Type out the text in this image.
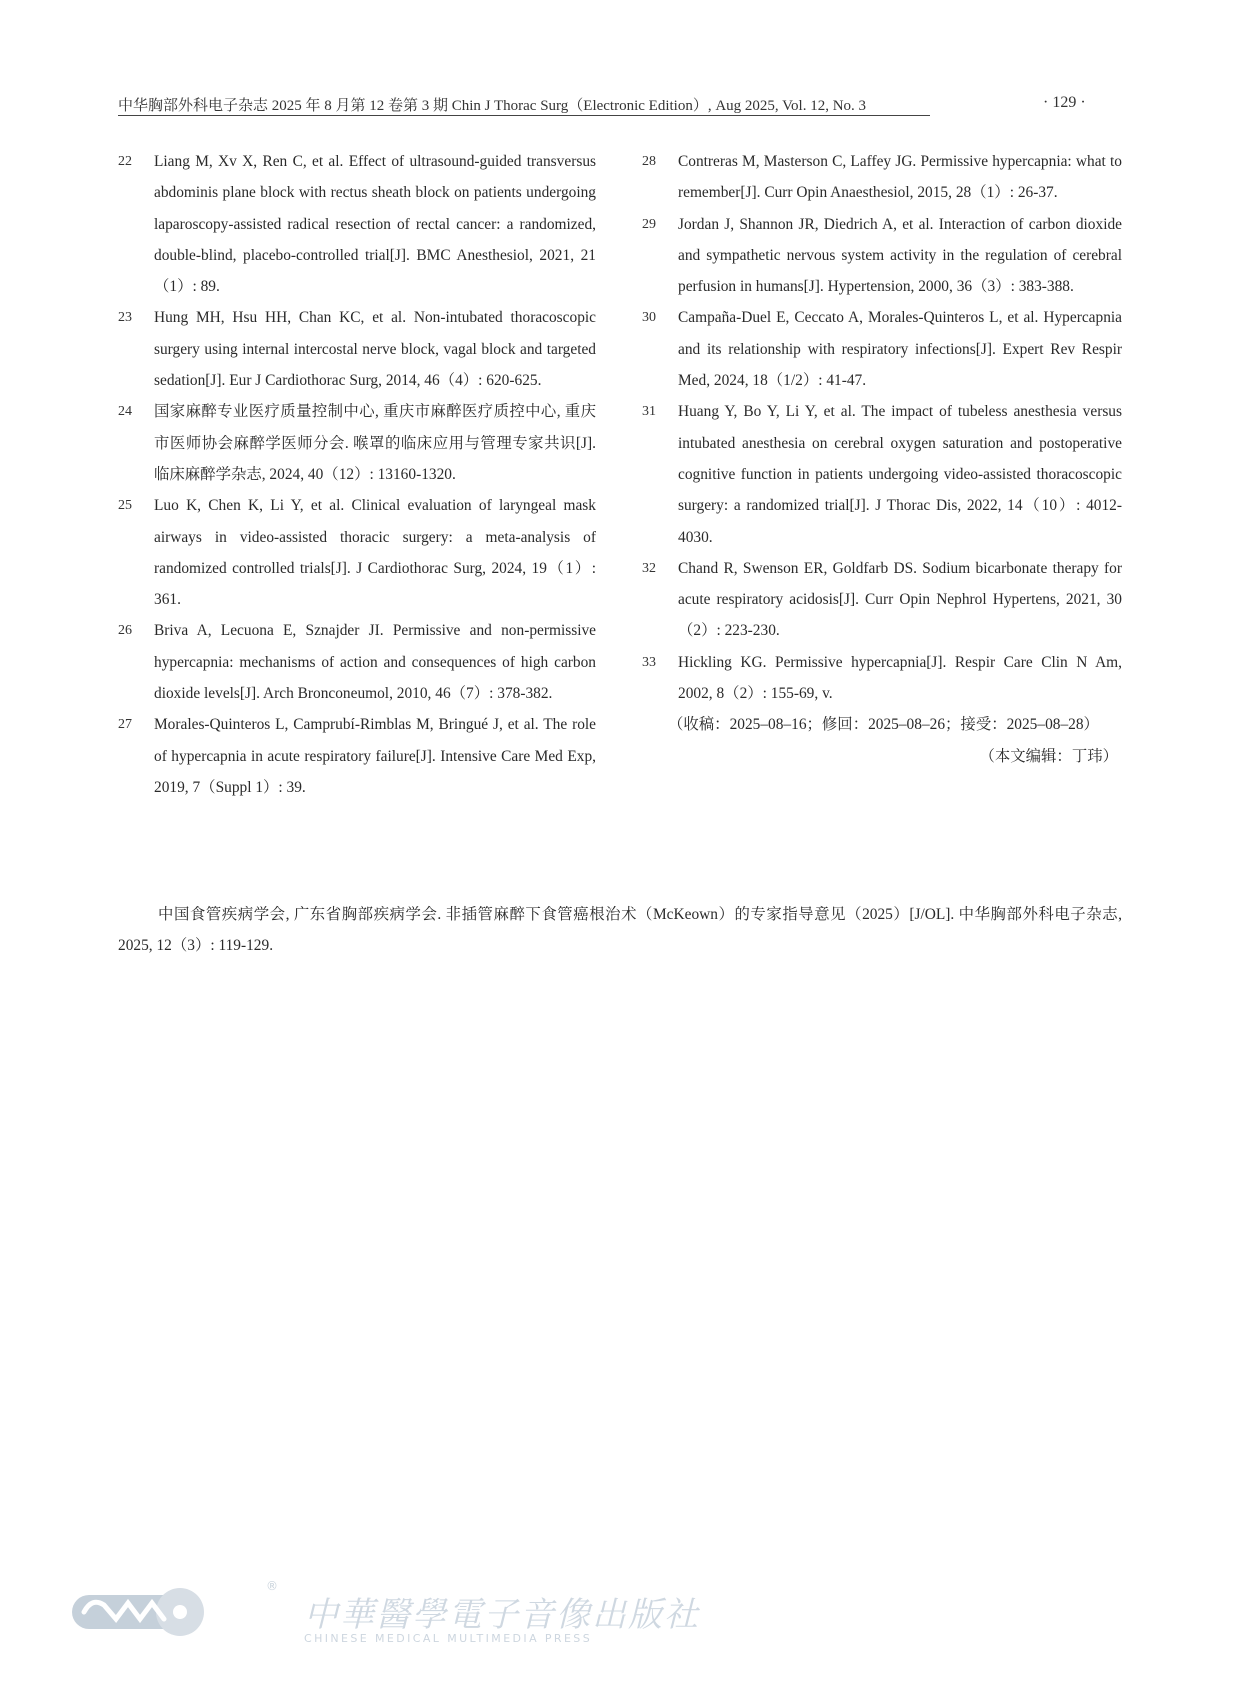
中华胸部外科电子杂志 2025 年 8 月第 12 卷第 3 期 Chin J Thorac Surg（Electronic Edition）, Aug 2025, Vol. 12, No. 3	· 129 ·
22 Liang M, Xv X, Ren C, et al. Effect of ultrasound-guided transversus abdominis plane block with rectus sheath block on patients undergoing laparoscopy-assisted radical resection of rectal cancer: a randomized, double-blind, placebo-controlled trial[J]. BMC Anesthesiol, 2021, 21（1）: 89.
23 Hung MH, Hsu HH, Chan KC, et al. Non-intubated thoracoscopic surgery using internal intercostal nerve block, vagal block and targeted sedation[J]. Eur J Cardiothorac Surg, 2014, 46（4）: 620-625.
24 国家麻醉专业医疗质量控制中心, 重庆市麻醉医疗质控中心, 重庆市医师协会麻醉学医师分会. 喉罩的临床应用与管理专家共识[J]. 临床麻醉学杂志, 2024, 40（12）: 13160-1320.
25 Luo K, Chen K, Li Y, et al. Clinical evaluation of laryngeal mask airways in video-assisted thoracic surgery: a meta-analysis of randomized controlled trials[J]. J Cardiothorac Surg, 2024, 19（1）: 361.
26 Briva A, Lecuona E, Sznajder JI. Permissive and non-permissive hypercapnia: mechanisms of action and consequences of high carbon dioxide levels[J]. Arch Bronconeumol, 2010, 46（7）: 378-382.
27 Morales-Quinteros L, Camprubí-Rimblas M, Bringué J, et al. The role of hypercapnia in acute respiratory failure[J]. Intensive Care Med Exp, 2019, 7（Suppl 1）: 39.
28 Contreras M, Masterson C, Laffey JG. Permissive hypercapnia: what to remember[J]. Curr Opin Anaesthesiol, 2015, 28（1）: 26-37.
29 Jordan J, Shannon JR, Diedrich A, et al. Interaction of carbon dioxide and sympathetic nervous system activity in the regulation of cerebral perfusion in humans[J]. Hypertension, 2000, 36（3）: 383-388.
30 Campaña-Duel E, Ceccato A, Morales-Quinteros L, et al. Hypercapnia and its relationship with respiratory infections[J]. Expert Rev Respir Med, 2024, 18（1/2）: 41-47.
31 Huang Y, Bo Y, Li Y, et al. The impact of tubeless anesthesia versus intubated anesthesia on cerebral oxygen saturation and postoperative cognitive function in patients undergoing video-assisted thoracoscopic surgery: a randomized trial[J]. J Thorac Dis, 2022, 14（10）: 4012-4030.
32 Chand R, Swenson ER, Goldfarb DS. Sodium bicarbonate therapy for acute respiratory acidosis[J]. Curr Opin Nephrol Hypertens, 2021, 30（2）: 223-230.
33 Hickling KG. Permissive hypercapnia[J]. Respir Care Clin N Am, 2002, 8（2）: 155-69, v.
（收稿：2025–08–16；修回：2025–08–26；接受：2025–08–28）
（本文编辑：丁玮）
中国食管疾病学会, 广东省胸部疾病学会. 非插管麻醉下食管癌根治术（McKeown）的专家指导意见（2025）[J/OL]. 中华胸部外科电子杂志, 2025, 12（3）: 119-129.
®
中華醫學電子音像出版社
CHINESE MEDICAL MULTIMEDIA PRESS
